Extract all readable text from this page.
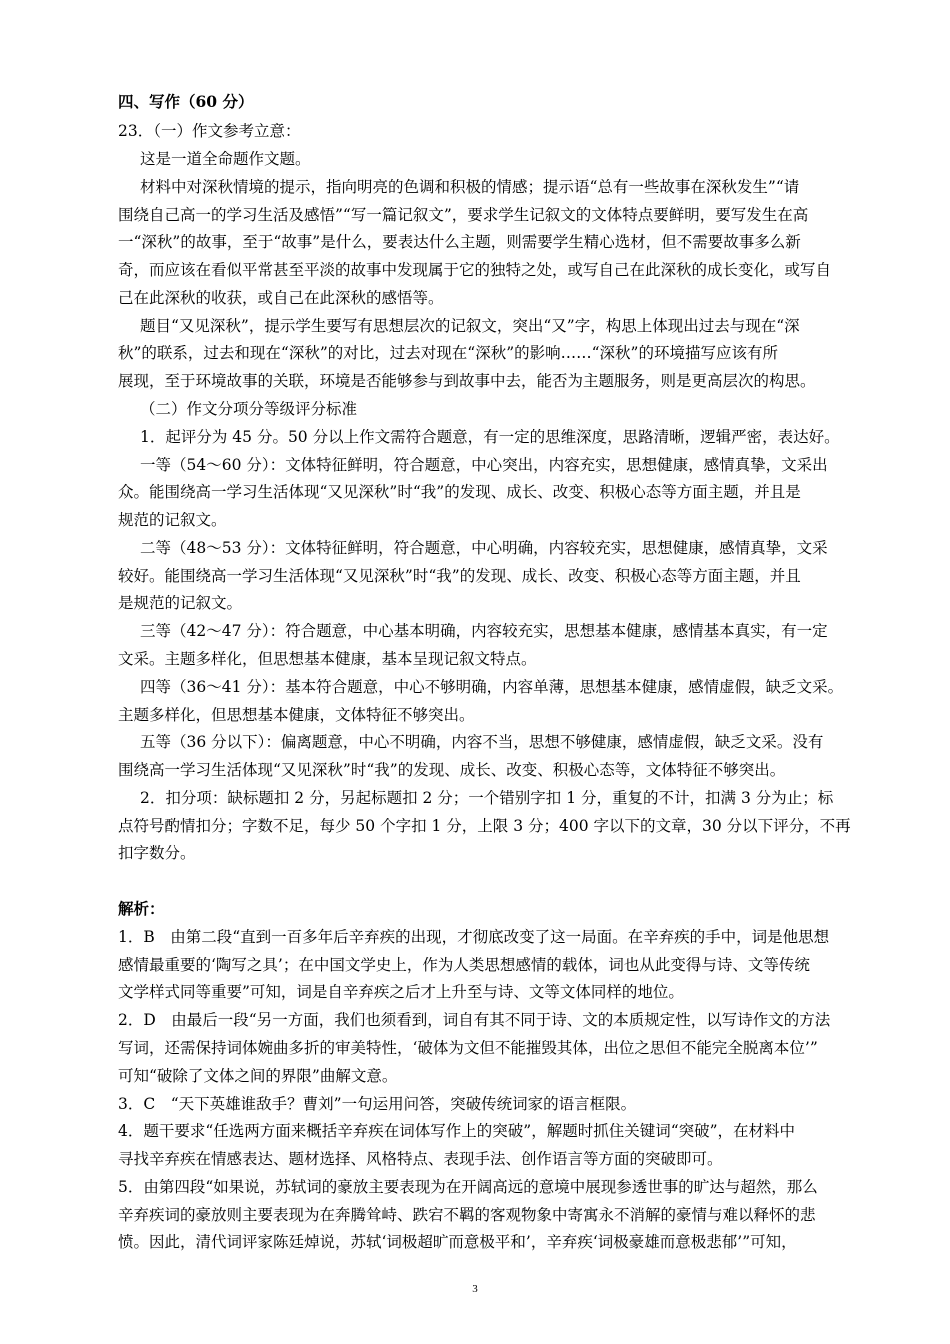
四、写作（60 分）
23．（一）作文参考立意：
这是一道全命题作文题。
材料中对深秋情境的提示，指向明亮的色调和积极的情感；提示语“总有一些故事在深秋发生”“请
围绕自己高一的学习生活及感悟”“写一篇记叙文”，要求学生记叙文的文体特点要鲜明，要写发生在高
一“深秋”的故事，至于“故事”是什么，要表达什么主题，则需要学生精心选材，但不需要故事多么新
奇，而应该在看似平常甚至平淡的故事中发现属于它的独特之处，或写自己在此深秋的成长变化，或写自
己在此深秋的收获，或自己在此深秋的感悟等。
题目“又见深秋”，提示学生要写有思想层次的记叙文，突出“又”字，构思上体现出过去与现在“深
秋”的联系，过去和现在“深秋”的对比，过去对现在“深秋”的影响……“深秋”的环境描写应该有所
展现，至于环境故事的关联，环境是否能够参与到故事中去，能否为主题服务，则是更高层次的构思。
（二）作文分项分等级评分标准
1．起评分为 45 分。50 分以上作文需符合题意，有一定的思维深度，思路清晰，逻辑严密，表达好。
一等（54～60 分）：文体特征鲜明，符合题意，中心突出，内容充实，思想健康，感情真挚，文采出
众。能围绕高一学习生活体现“又见深秋”时“我”的发现、成长、改变、积极心态等方面主题，并且是
规范的记叙文。
二等（48～53 分）：文体特征鲜明，符合题意，中心明确，内容较充实，思想健康，感情真挚，文采
较好。能围绕高一学习生活体现“又见深秋”时“我”的发现、成长、改变、积极心态等方面主题，并且
是规范的记叙文。
三等（42～47 分）：符合题意，中心基本明确，内容较充实，思想基本健康，感情基本真实，有一定
文采。主题多样化，但思想基本健康，基本呈现记叙文特点。
四等（36～41 分）：基本符合题意，中心不够明确，内容单薄，思想基本健康，感情虚假，缺乏文采。
主题多样化，但思想基本健康，文体特征不够突出。
五等（36 分以下）：偏离题意，中心不明确，内容不当，思想不够健康，感情虚假，缺乏文采。没有
围绕高一学习生活体现“又见深秋”时“我”的发现、成长、改变、积极心态等，文体特征不够突出。
2．扣分项：缺标题扣 2 分，另起标题扣 2 分；一个错别字扣 1 分，重复的不计，扣满 3 分为止；标
点符号酌情扣分；字数不足，每少 50 个字扣 1 分，上限 3 分；400 字以下的文章，30 分以下评分，不再
扣字数分。
解析：
1．B　由第二段“直到一百多年后辛弃疾的出现，才彻底改变了这一局面。在辛弃疾的手中，词是他思想
感情最重要的‘陶写之具’；在中国文学史上，作为人类思想感情的载体，词也从此变得与诗、文等传统
文学样式同等重要”可知，词是自辛弃疾之后才上升至与诗、文等文体同样的地位。
2．D　由最后一段“另一方面，我们也须看到，词自有其不同于诗、文的本质规定性，以写诗作文的方法
写词，还需保持词体婉曲多折的审美特性，‘破体为文但不能摧毁其体，出位之思但不能完全脱离本位’”
可知“破除了文体之间的界限”曲解文意。
3．C　“天下英雄谁敌手？曹刘”一句运用问答，突破传统词家的语言框限。
4．题干要求“任选两方面来概括辛弃疾在词体写作上的突破”，解题时抓住关键词“突破”，在材料中
寻找辛弃疾在情感表达、题材选择、风格特点、表现手法、创作语言等方面的突破即可。
5．由第四段“如果说，苏轼词的豪放主要表现为在开阔高远的意境中展现参透世事的旷达与超然，那么
辛弃疾词的豪放则主要表现为在奔腾耸峙、跌宕不羁的客观物象中寄寓永不消解的豪情与难以释怀的悲
愤。因此，清代词评家陈廷焯说，苏轼‘词极超旷而意极平和’，辛弃疾‘词极豪雄而意极悲郁’”可知，
3
